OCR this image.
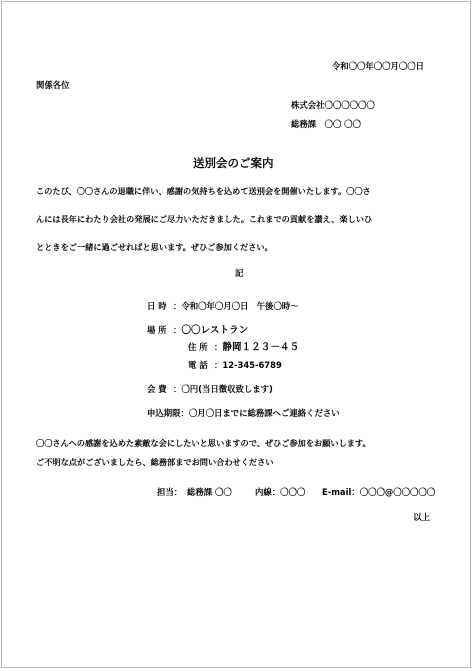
令和〇〇年〇〇月〇〇日
関係各位
株式会社〇〇〇〇〇〇
総務課　〇〇 〇〇
送別会のご案内
このたび、〇〇さんの退職に伴い、感謝の気持ちを込めて送別会を開催いたします。〇〇さ
んには長年にわたり会社の発展にご尽力いただきました。これまでの貢献を讃え、楽しいひ
とときをご一緒に過ごせればと思います。ぜひご参加ください。
記
日 時 ：令和〇年〇月〇日　午後〇時～
場 所 ：〇〇レストラン
住 所 ：静岡１２３－４５
電 話 ：12-345-6789
会 費 ：〇円(当日徴収致します)
申込期限：〇月〇日までに総務課へご連絡ください
〇〇さんへの感謝を込めた素敵な会にしたいと思いますので、ぜひご参加をお願いします。
ご不明な点がございましたら、総務部までお問い合わせください
担当： 総務課 〇〇	内線：〇〇〇 E-mail：〇〇〇@〇〇〇〇〇
以上
